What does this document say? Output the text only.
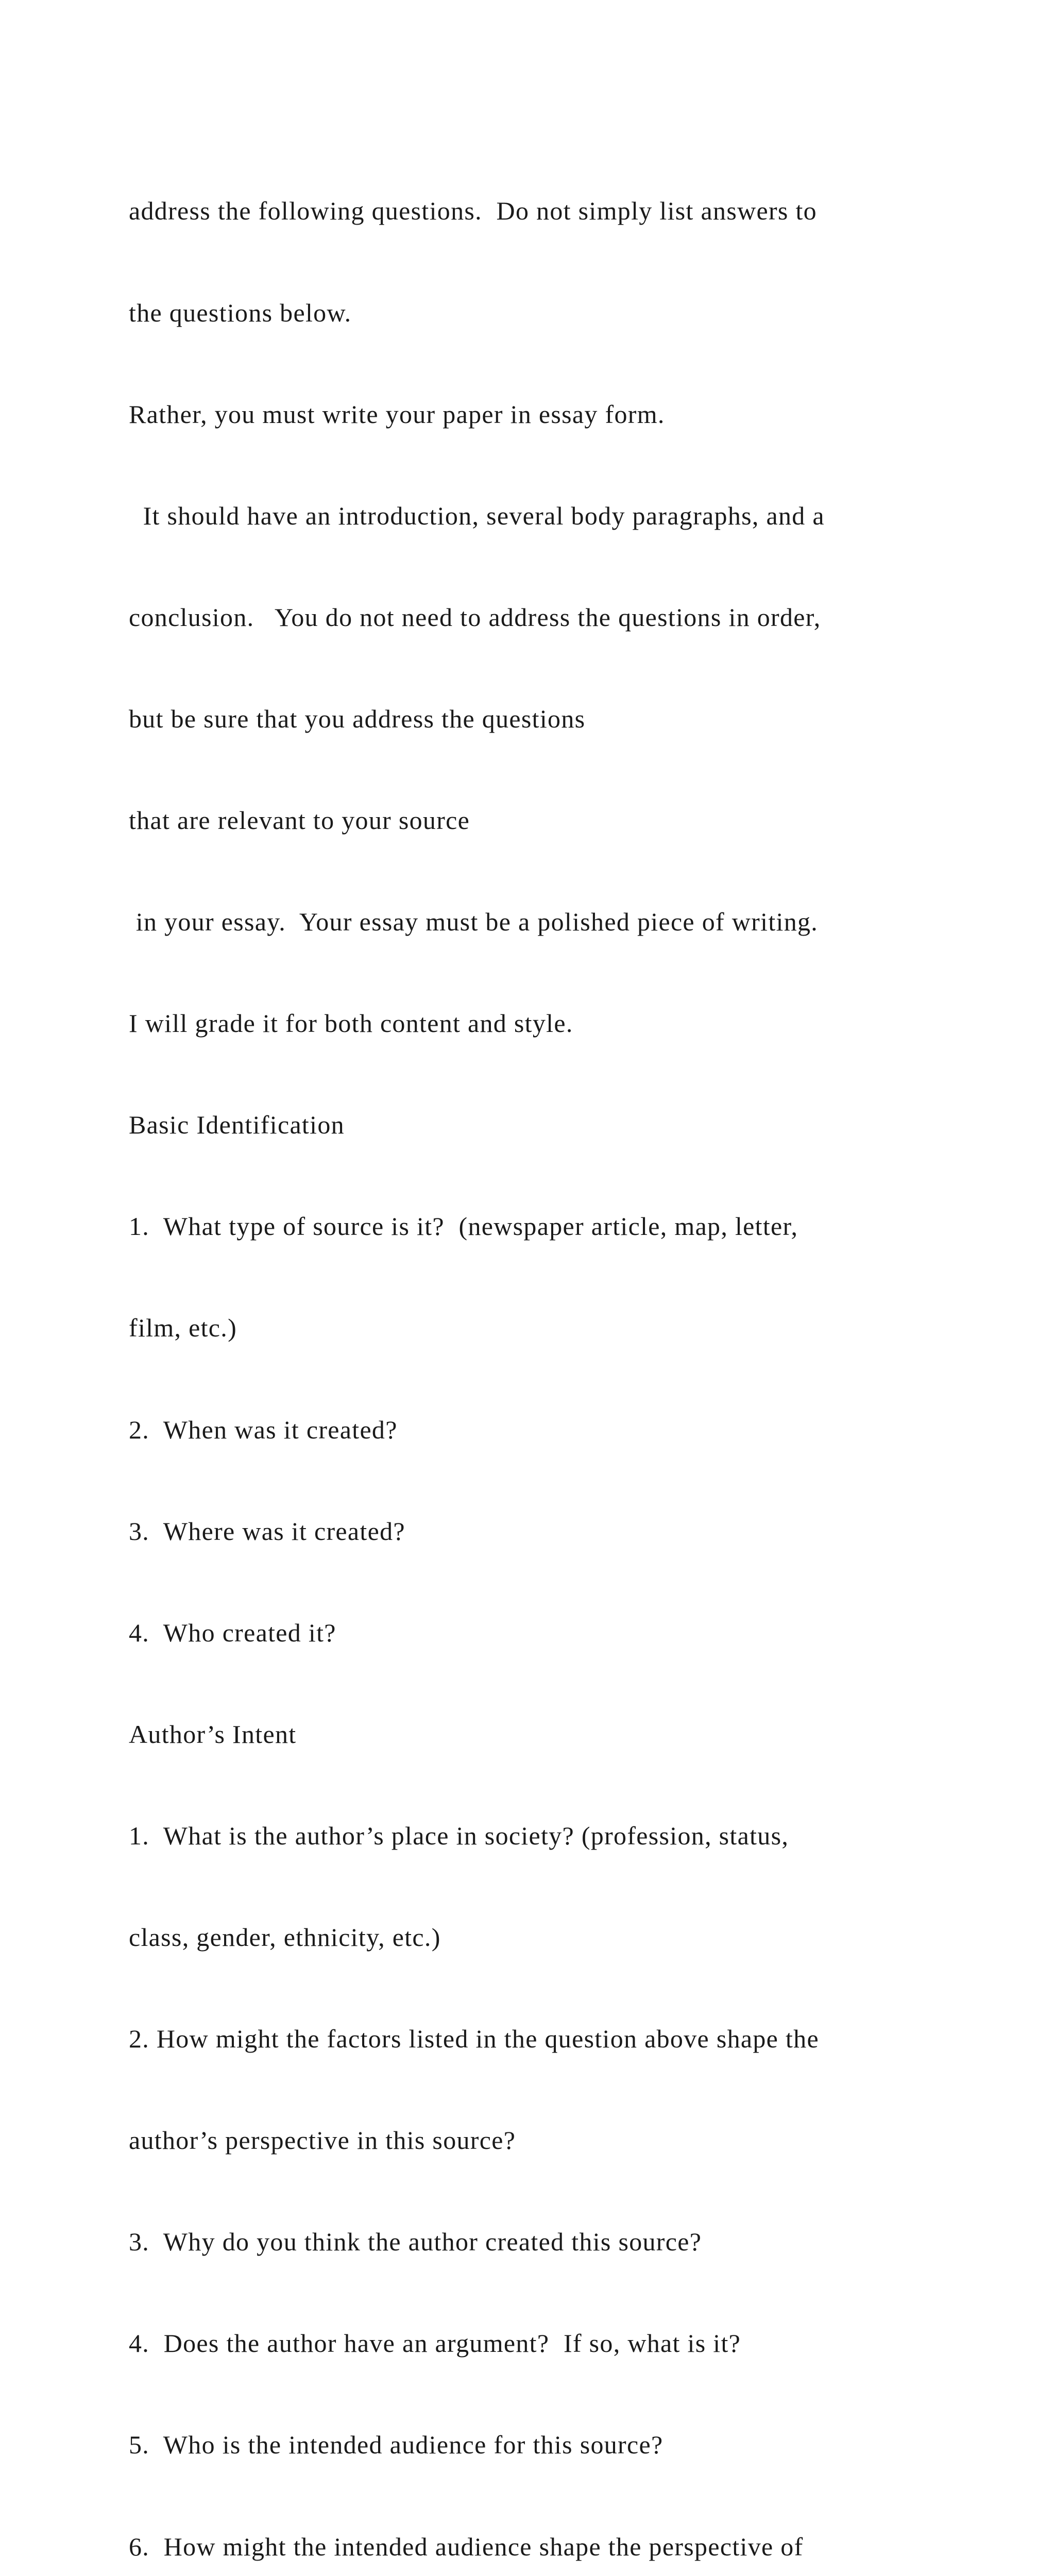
address the following questions.  Do not simply list answers to

the questions below.

Rather, you must write your paper in essay form.

It should have an introduction, several body paragraphs, and a

conclusion.   You do not need to address the questions in order,

but be sure that you address the questions

that are relevant to your source

in your essay.  Your essay must be a polished piece of writing.

I will grade it for both content and style.

Basic Identification

1.  What type of source is it?  (newspaper article, map, letter,

film, etc.)

2.  When was it created?

3.  Where was it created?

4.  Who created it?

Author’s Intent

1.  What is the author’s place in society? (profession, status,

class, gender, ethnicity, etc.)

2. How might the factors listed in the question above shape the

author’s perspective in this source?

3.  Why do you think the author created this source?

4.  Does the author have an argument?  If so, what is it?

5.  Who is the intended audience for this source?

6.  How might the intended audience shape the perspective of
